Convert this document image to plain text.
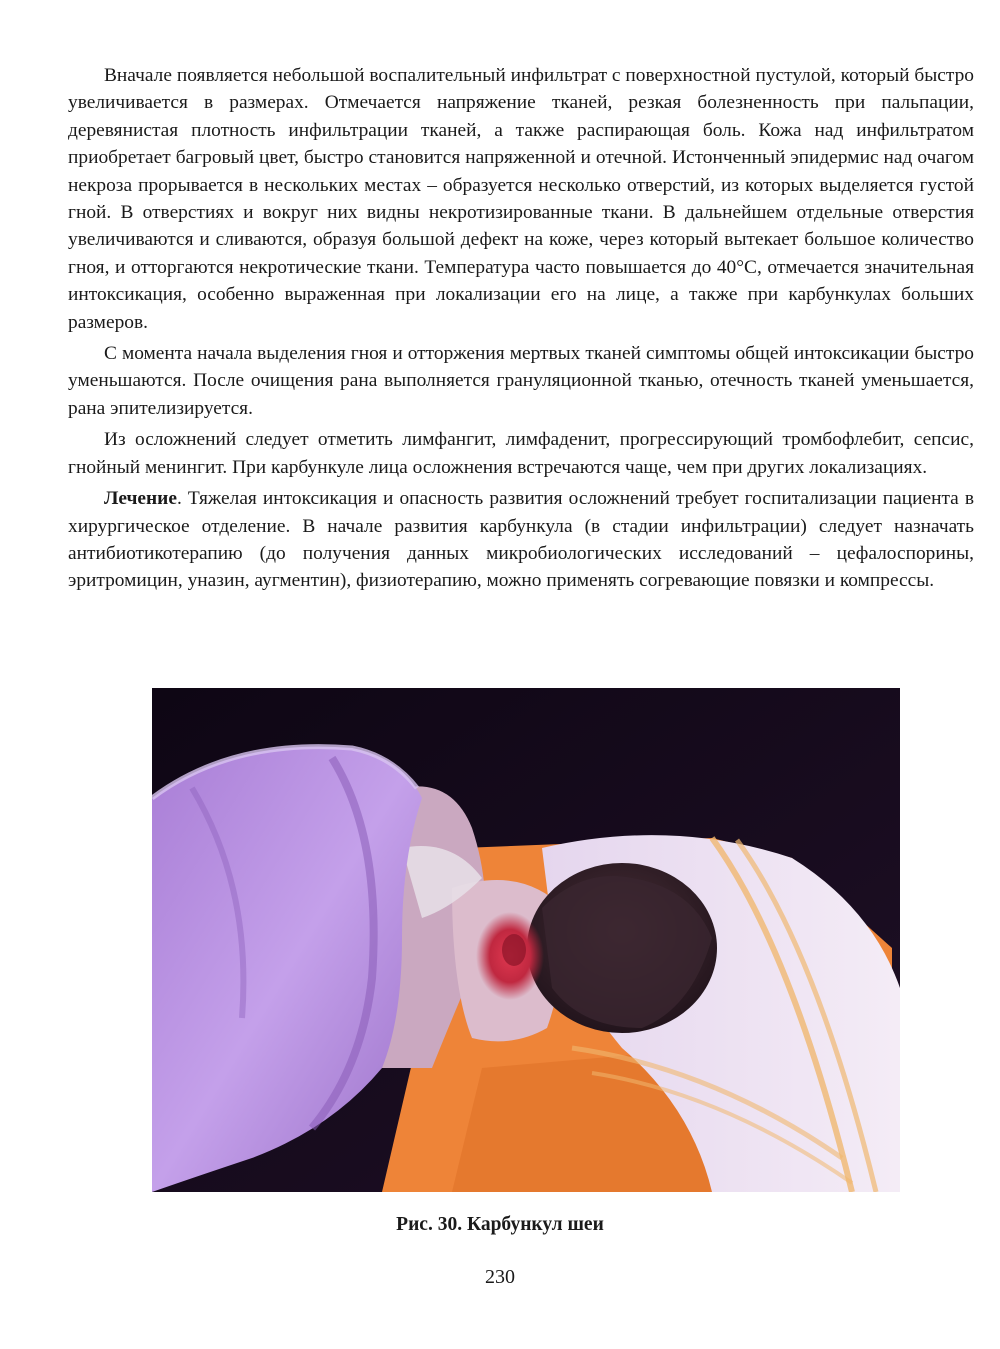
Вначале появляется небольшой воспалительный инфильтрат с поверхностной пустулой, который быстро увеличивается в размерах. Отмечается напряжение тканей, резкая болезненность при пальпации, деревянистая плотность инфильтрации тканей, а также распирающая боль. Кожа над инфильтратом приобретает багровый цвет, быстро становится напряженной и отечной. Истонченный эпидермис над очагом некроза прорывается в нескольких местах – образуется несколько отверстий, из которых выделяется густой гной. В отверстиях и вокруг них видны некротизированные ткани. В дальнейшем отдельные отверстия увеличиваются и сливаются, образуя большой дефект на коже, через который вытекает большое количество гноя, и отторгаются некротические ткани. Температура часто повышается до 40°С, отмечается значительная интоксикация, особенно выраженная при локализации его на лице, а также при карбункулах больших размеров.

С момента начала выделения гноя и отторжения мертвых тканей симптомы общей интоксикации быстро уменьшаются. После очищения рана выполняется грануляционной тканью, отечность тканей уменьшается, рана эпителизируется.

Из осложнений следует отметить лимфангит, лимфаденит, прогрессирующий тромбофлебит, сепсис, гнойный менингит. При карбункуле лица осложнения встречаются чаще, чем при других локализациях.

Лечение. Тяжелая интоксикация и опасность развития осложнений требует госпитализации пациента в хирургическое отделение. В начале развития карбункула (в стадии инфильтрации) следует назначать антибиотикотерапию (до получения данных микробиологических исследований – цефалоспорины, эритромицин, уназин, аугментин), физиотерапию, можно применять согревающие повязки и компрессы.

Рис. 30. Карбункул шеи
230
